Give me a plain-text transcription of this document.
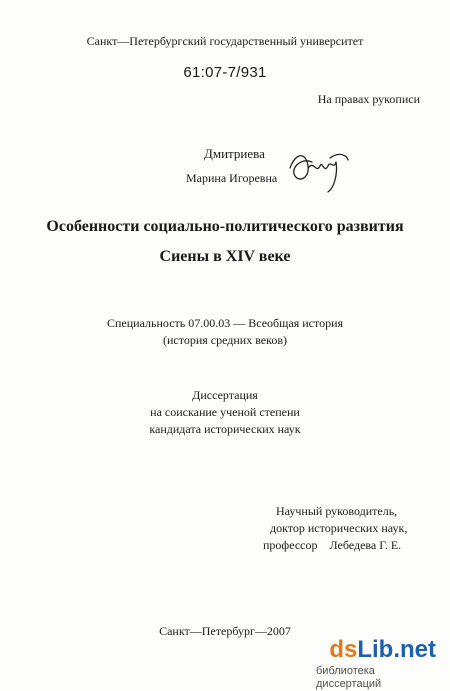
Санкт—Петербургский государственный университет
61:07-7/931
На правах рукописи
Дмитриева
Марина Игоревна
Особенности социально-политического развития
Сиены в XIV веке
Специальность 07.00.03 — Всеобщая история
(история средних веков)
Диссертация
на соискание ученой степени
кандидата исторических наук
Научный руководитель,
доктор исторических наук,
профессор    Лебедева Г. Е.
Санкт—Петербург—2007
dsLib.net
библиотека диссертаций
